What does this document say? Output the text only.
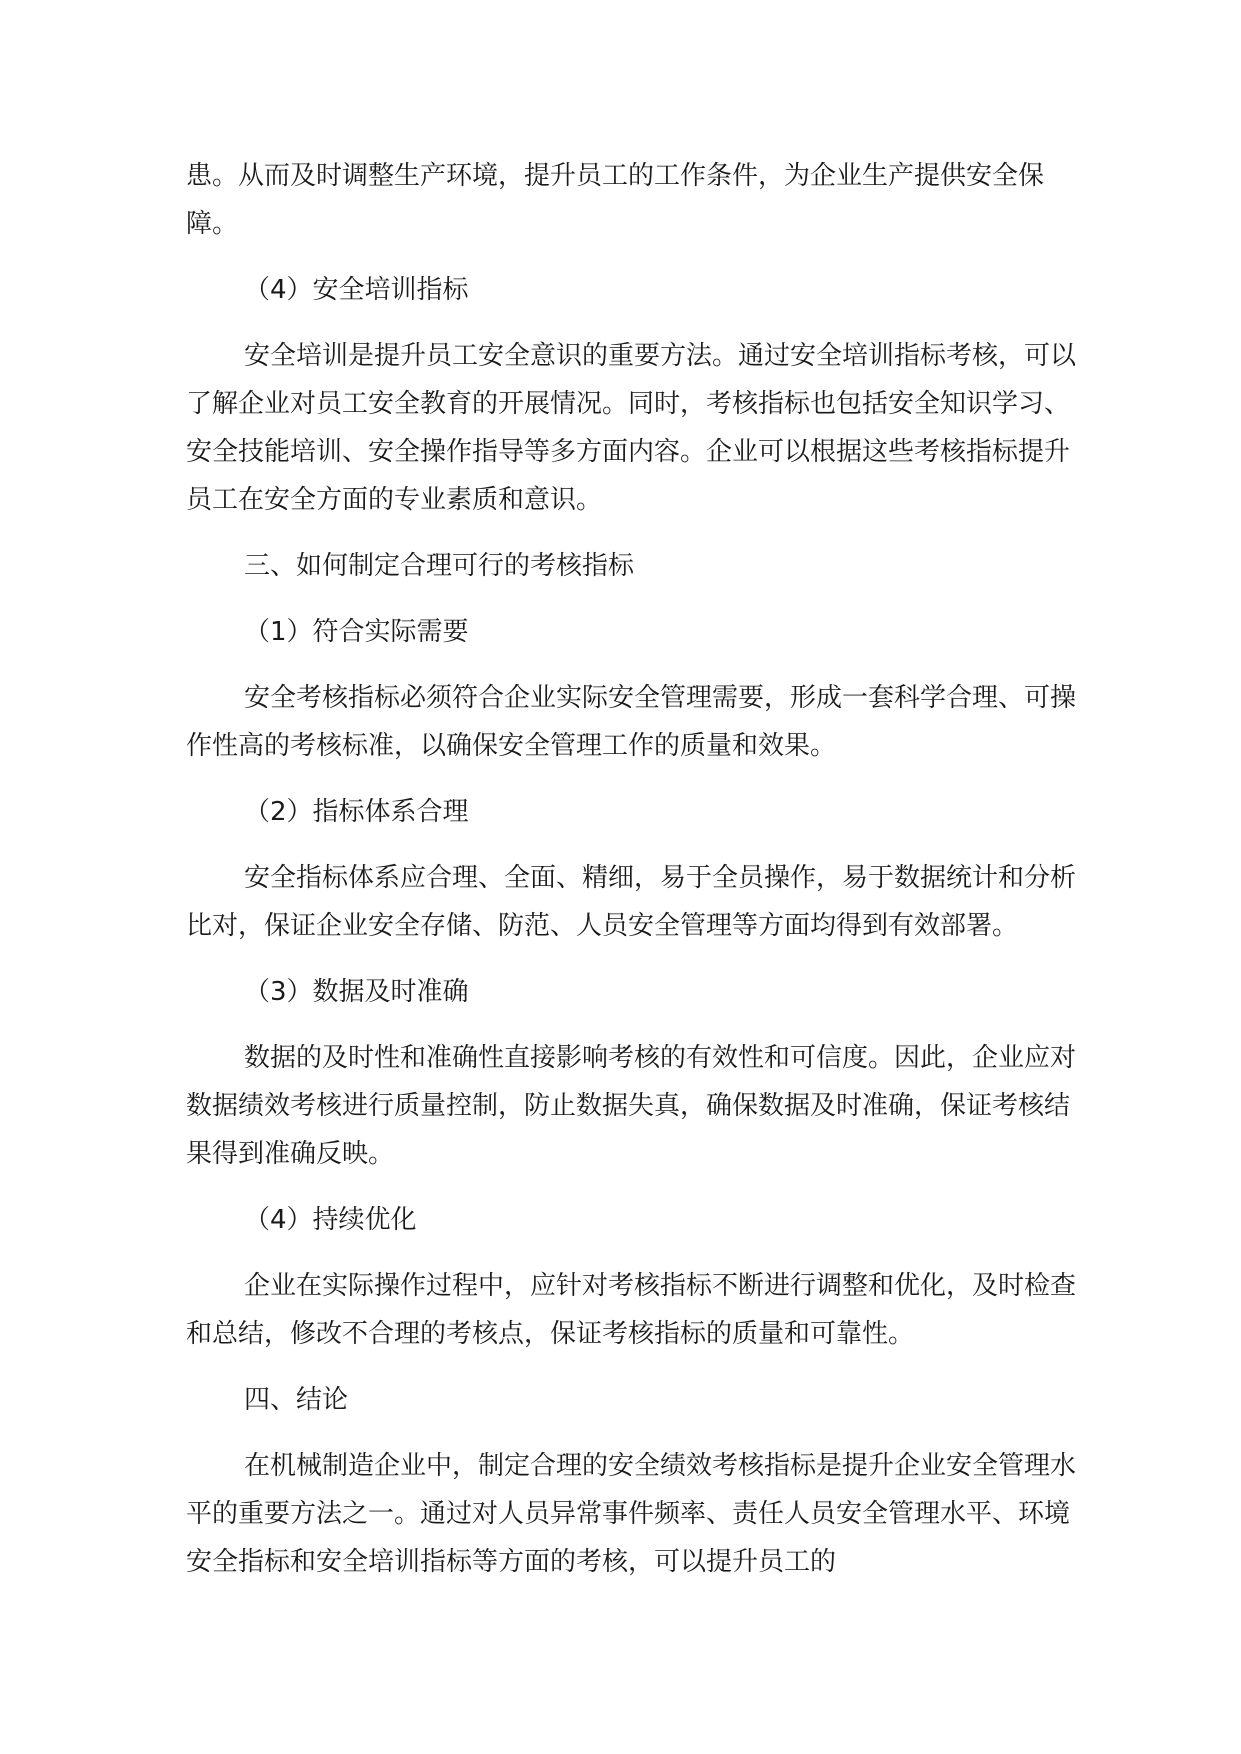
患。从而及时调整生产环境，提升员工的工作条件，为企业生产提供安全保障。

（4）安全培训指标

安全培训是提升员工安全意识的重要方法。通过安全培训指标考核，可以了解企业对员工安全教育的开展情况。同时，考核指标也包括安全知识学习、安全技能培训、安全操作指导等多方面内容。企业可以根据这些考核指标提升员工在安全方面的专业素质和意识。

三、如何制定合理可行的考核指标

（1）符合实际需要

安全考核指标必须符合企业实际安全管理需要，形成一套科学合理、可操作性高的考核标准，以确保安全管理工作的质量和效果。

（2）指标体系合理

安全指标体系应合理、全面、精细，易于全员操作，易于数据统计和分析比对，保证企业安全存储、防范、人员安全管理等方面均得到有效部署。

（3）数据及时准确

数据的及时性和准确性直接影响考核的有效性和可信度。因此，企业应对数据绩效考核进行质量控制，防止数据失真，确保数据及时准确，保证考核结果得到准确反映。

（4）持续优化

企业在实际操作过程中，应针对考核指标不断进行调整和优化，及时检查和总结，修改不合理的考核点，保证考核指标的质量和可靠性。

四、结论

在机械制造企业中，制定合理的安全绩效考核指标是提升企业安全管理水平的重要方法之一。通过对人员异常事件频率、责任人员安全管理水平、环境安全指标和安全培训指标等方面的考核，可以提升员工的
